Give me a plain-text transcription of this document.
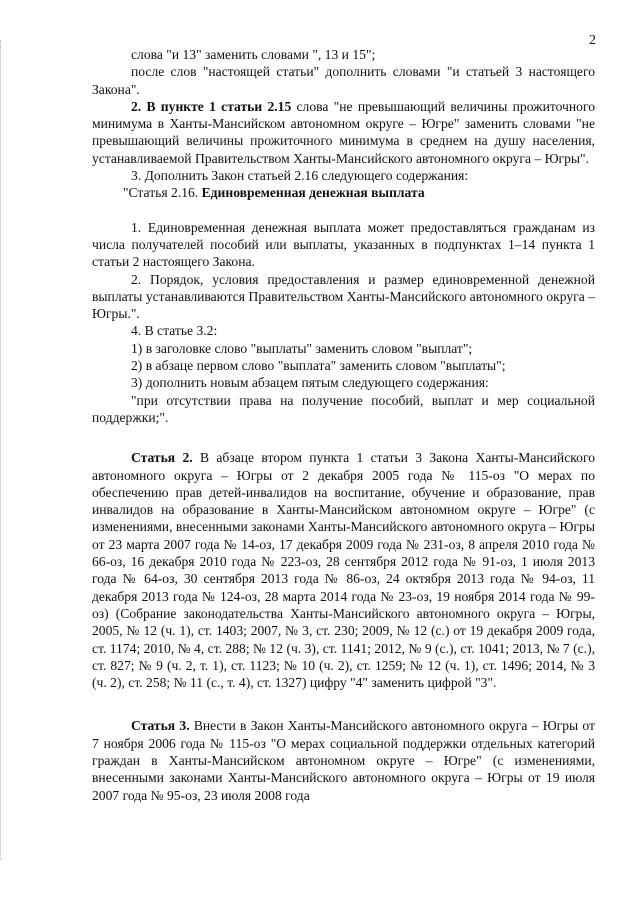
2

слова "и 13" заменить словами ", 13 и 15";

после слов "настоящей статьи" дополнить словами "и статьей 3 настоящего Закона".

2. В пункте 1 статьи 2.15 слова "не превышающий величины прожиточного минимума в Ханты-Мансийском автономном округе – Югре" заменить словами "не превышающий величины прожиточного минимума в среднем на душу населения, устанавливаемой Правительством Ханты-Мансийского автономного округа – Югры".

3. Дополнить Закон статьей 2.16 следующего содержания:

"Статья 2.16. Единовременная денежная выплата

1. Единовременная денежная выплата может предоставляться гражданам из числа получателей пособий или выплаты, указанных в подпунктах 1–14 пункта 1 статьи 2 настоящего Закона.

2. Порядок, условия предоставления и размер единовременной денежной выплаты устанавливаются Правительством Ханты-Мансийского автономного округа – Югры.".

4. В статье 3.2:

1) в заголовке слово "выплаты" заменить словом "выплат";

2) в абзаце первом слово "выплата" заменить словом "выплаты";

3) дополнить новым абзацем пятым следующего содержания:

"при отсутствии права на получение пособий, выплат и мер социальной поддержки;".

Статья 2. В абзаце втором пункта 1 статьи 3 Закона Ханты-Мансийского автономного округа – Югры от 2 декабря 2005 года № 115-оз "О мерах по обеспечению прав детей-инвалидов на воспитание, обучение и образование, прав инвалидов на образование в Ханты-Мансийском автономном округе – Югре" (с изменениями, внесенными законами Ханты-Мансийского автономного округа – Югры от 23 марта 2007 года № 14-оз, 17 декабря 2009 года № 231-оз, 8 апреля 2010 года № 66-оз, 16 декабря 2010 года № 223-оз, 28 сентября 2012 года № 91-оз, 1 июля 2013 года № 64-оз, 30 сентября 2013 года № 86-оз, 24 октября 2013 года № 94-оз, 11 декабря 2013 года № 124-оз, 28 марта 2014 года № 23-оз, 19 ноября 2014 года № 99-оз) (Собрание законодательства Ханты-Мансийского автономного округа – Югры, 2005, № 12 (ч. 1), ст. 1403; 2007, № 3, ст. 230; 2009, № 12 (с.) от 19 декабря 2009 года, ст. 1174; 2010, № 4, ст. 288; № 12 (ч. 3), ст. 1141; 2012, № 9 (с.), ст. 1041; 2013, № 7 (с.), ст. 827; № 9 (ч. 2, т. 1), ст. 1123; № 10 (ч. 2), ст. 1259; № 12 (ч. 1), ст. 1496; 2014, № 3 (ч. 2), ст. 258; № 11 (с., т. 4), ст. 1327) цифру "4" заменить цифрой "3".

Статья 3. Внести в Закон Ханты-Мансийского автономного округа – Югры от 7 ноября 2006 года № 115-оз "О мерах социальной поддержки отдельных категорий граждан в Ханты-Мансийском автономном округе – Югре" (с изменениями, внесенными законами Ханты-Мансийского автономного округа – Югры от 19 июля 2007 года № 95-оз, 23 июля 2008 года
